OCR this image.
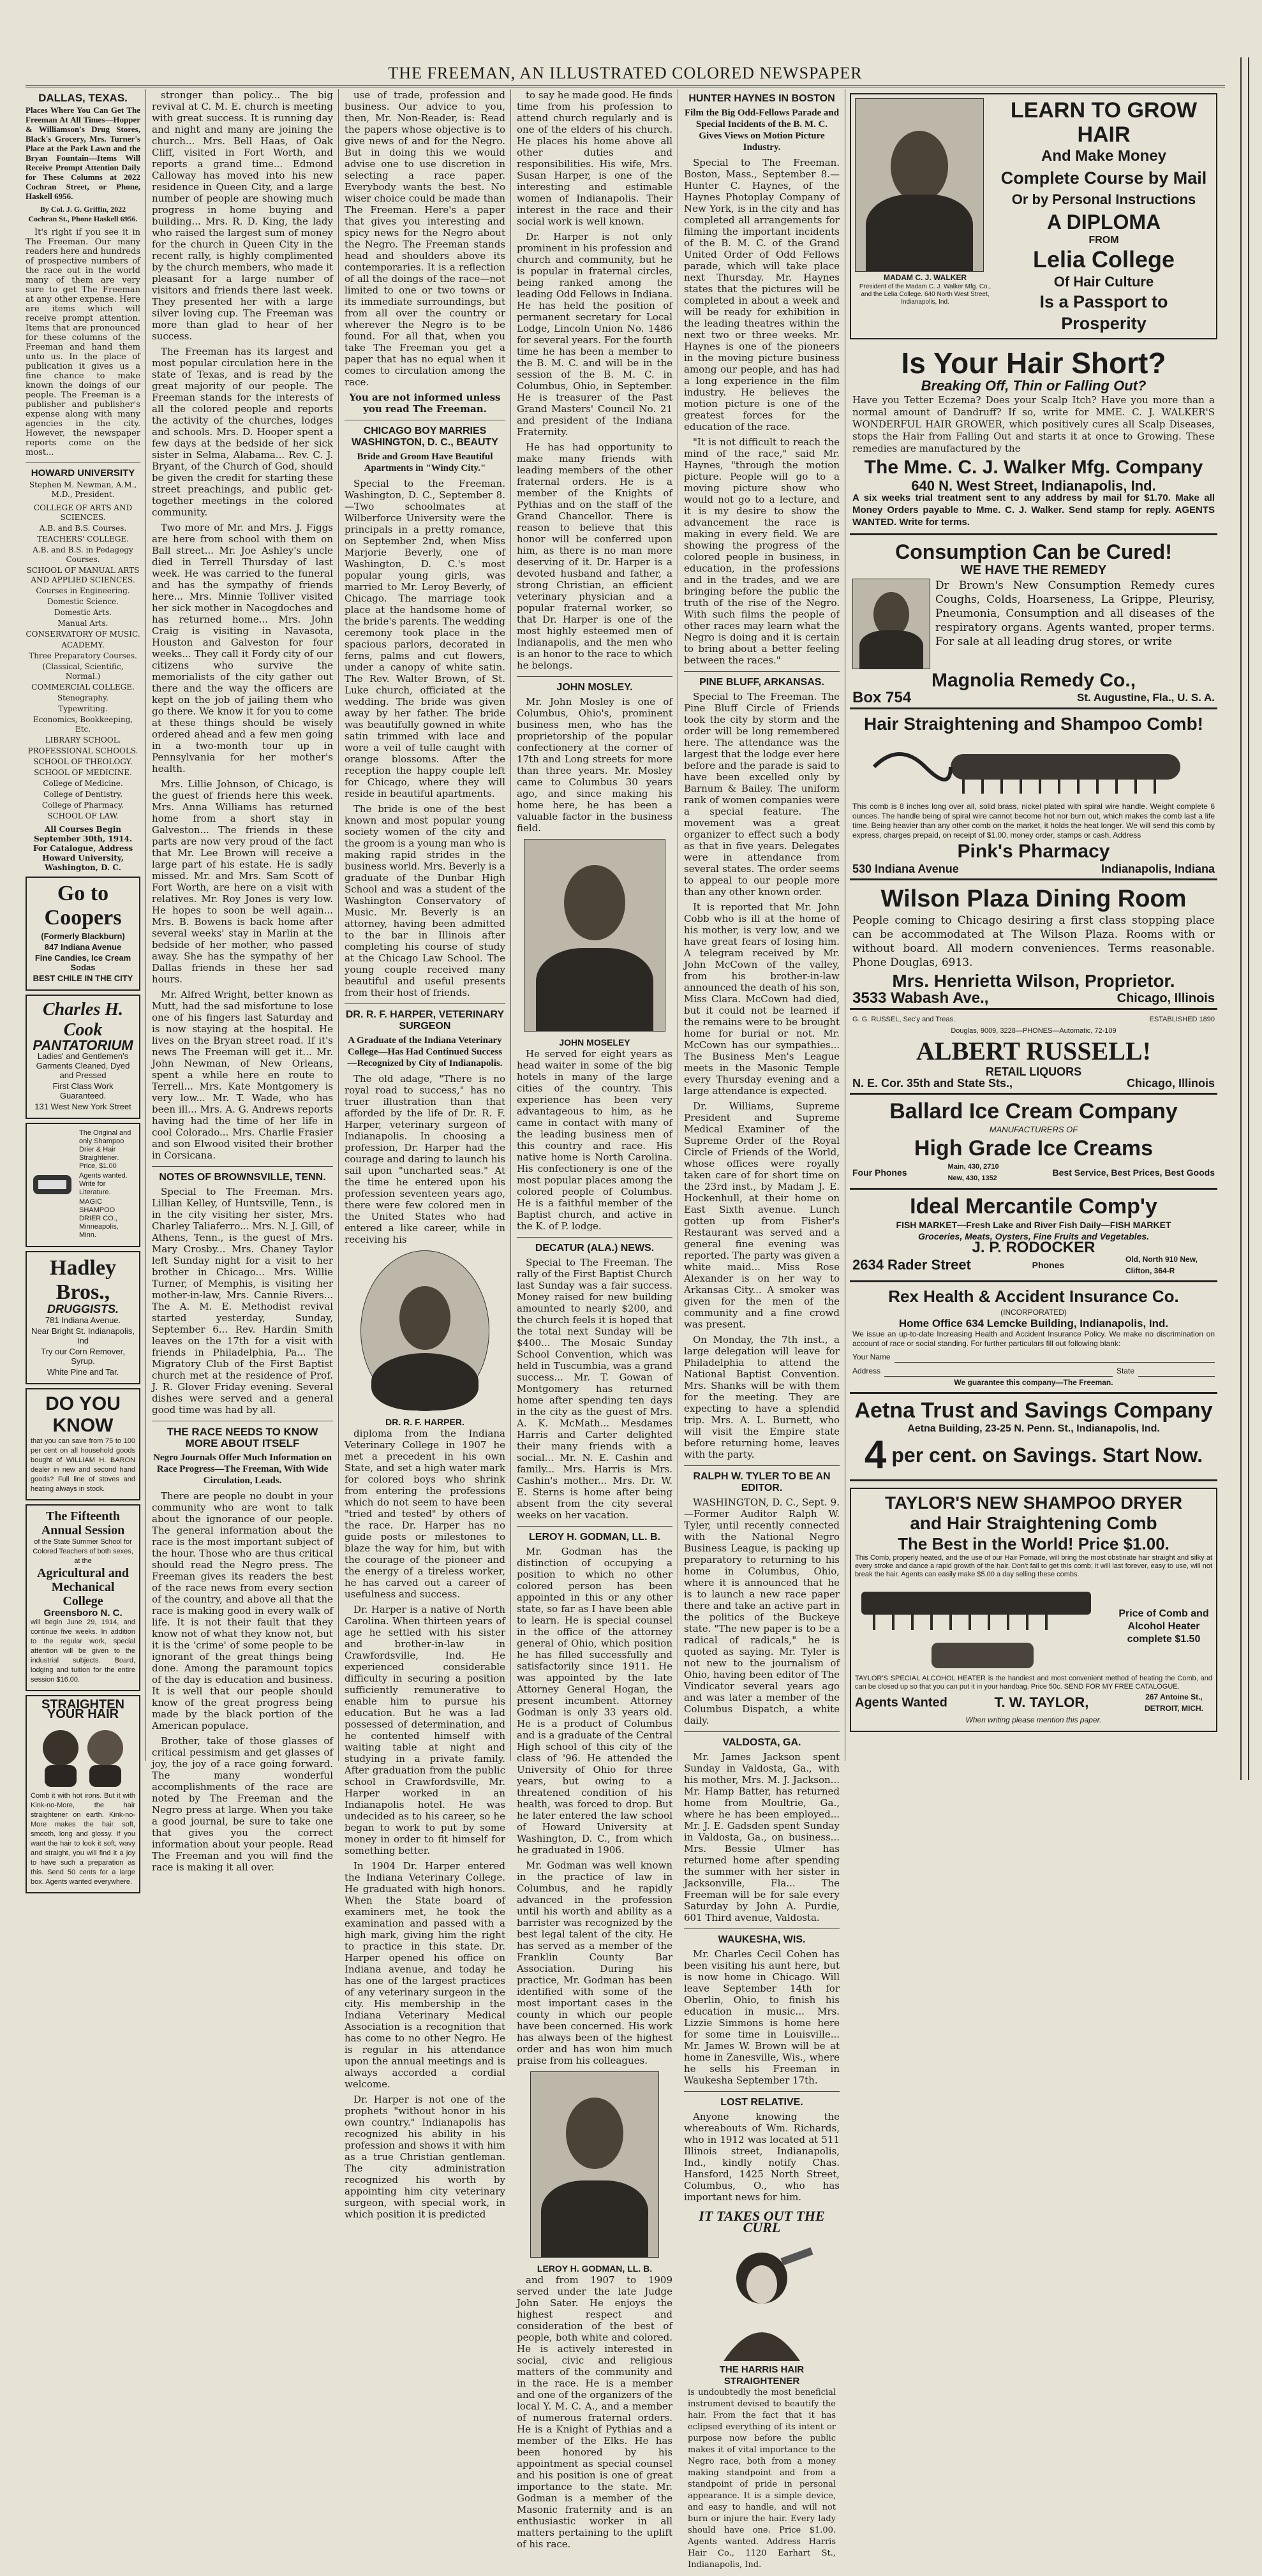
THE FREEMAN, AN ILLUSTRATED COLORED NEWSPAPER
DALLAS, TEXAS.
Places Where You Can Get The Freeman At All Times—Hopper & Williamson's Drug Stores, Black's Grocery, Mrs. Turner's Place at the Park Lawn and the Bryan Fountain—Items Will Receive Prompt Attention Daily for These Columns at 2022 Cochran Street, or Phone, Haskell 6956.
By Col. J. G. Griffin, 2022 Cochran St., Phone Haskell 6956.

It's right if you see it in The Freeman. Our many readers here and hundreds of prospective numbers of the race out in the world many of them are very sure to get The Freeman at any other expense. Here are items which will receive prompt attention. Items that are pronounced for these columns of the Freeman and hand them unto us. In the place of publication it gives us a fine chance to make known the doings of our people. The Freeman is a publisher and publisher's expense along with many agencies in the city. However, the newspaper reports come on the most...

HOWARD UNIVERSITY
Stephen M. Newman, A.M., M.D., President.
COLLEGE OF ARTS AND SCIENCES.
A.B. and B.S. Courses.
TEACHERS' COLLEGE.
A.B. and B.S. in Pedagogy Courses.
SCHOOL OF MANUAL ARTS AND APPLIED SCIENCES.
Courses in Engineering.
Domestic Science.
Domestic Arts.
Manual Arts.
CONSERVATORY OF MUSIC.
ACADEMY.
Three Preparatory Courses.
(Classical, Scientific, Normal.)
COMMERCIAL COLLEGE.
Stenography.
Typewriting.
Economics, Bookkeeping, Etc.
LIBRARY SCHOOL.
PROFESSIONAL SCHOOLS.
SCHOOL OF THEOLOGY.
SCHOOL OF MEDICINE.
College of Medicine.
College of Dentistry.
College of Pharmacy.
SCHOOL OF LAW.
All Courses Begin September 30th, 1914. For Catalogue, Address Howard University, Washington, D. C.
Go to Coopers
(Formerly Blackburn)
847 Indiana Avenue
Fine Candies, Ice Cream Sodas
BEST CHILE IN THE CITY
Charles H. Cook
PANTATORIUM
Ladies' and Gentlemen's Garments Cleaned, Dyed and Pressed
First Class Work Guaranteed.
131 West New York Street
The Original and only Shampoo Drier & Hair Straightener. Price, $1.00
Agents wanted. Write for Literature.
MAGIC SHAMPOO DRIER CO., Minneapolis, Minn.
Hadley Bros.,
DRUGGISTS.
781 Indiana Avenue.
Near Bright St. Indianapolis, Ind
Try our Corn Remover, Syrup.
White Pine and Tar.
DO YOU KNOW
that you can save from 75 to 100 per cent on all household goods bought of WILLIAM H. BARON dealer in new and second hand goods? Full line of stoves and heating always in stock.
The Fifteenth Annual Session
of the State Summer School for Colored Teachers of both sexes, at the
Agricultural and Mechanical College
Greensboro N. C.
will begin June 29, 1914, and continue five weeks. In addition to the regular work, special attention will be given to the industrial subjects. Board, lodging and tuition for the entire session $16.00.
STRAIGHTEN YOUR HAIR
Comb it with hot irons. But it with Kink-no-More, the hair straightener on earth. Kink-no-More makes the hair soft, smooth, long and glossy. If you want the hair to look it soft, wavy and straight, you will find it a joy to have such a preparation as this. Send 50 cents for a large box. Agents wanted everywhere.

stronger than policy... The big revival at C. M. E. church is meeting with great success. It is running day and night and many are joining the church... Mrs. Bell Haas, of Oak Cliff, visited in Fort Worth, and reports a grand time... Edmond Calloway has moved into his new residence in Queen City, and a large number of people are showing much progress in home buying and building... Mrs. R. D. King, the lady who raised the largest sum of money for the church in Queen City in the recent rally, is highly complimented by the church members, who made it pleasant for a large number of visitors and friends there last week. They presented her with a large silver loving cup. The Freeman was more than glad to hear of her success.

The Freeman has its largest and most popular circulation here in the state of Texas, and is read by the great majority of our people. The Freeman stands for the interests of all the colored people and reports the activity of the churches, lodges and schools. Mrs. D. Hooper spent a few days at the bedside of her sick sister in Selma, Alabama... Rev. C. J. Bryant, of the Church of God, should be given the credit for starting these street preachings, and public get-together meetings in the colored community.

Two more of Mr. and Mrs. J. Figgs are here from school with them on Ball street... Mr. Joe Ashley's uncle died in Terrell Thursday of last week. He was carried to the funeral and has the sympathy of friends here... Mrs. Minnie Tolliver visited her sick mother in Nacogdoches and has returned home... Mrs. John Craig is visiting in Navasota, Houston and Galveston for four weeks... They call it Fordy city of our citizens who survive the memorialists of the city gather out there and the way the officers are kept on the job of jailing them who go there. We know it for you to come at these things should be wisely ordered ahead and a few men going in a two-month tour up in Pennsylvania for her mother's health.

Mrs. Lillie Johnson, of Chicago, is the guest of friends here this week. Mrs. Anna Williams has returned home from a short stay in Galveston... The friends in these parts are now very proud of the fact that Mr. Lee Brown will receive a large part of his estate. He is sadly missed. Mr. and Mrs. Sam Scott of Fort Worth, are here on a visit with relatives. Mr. Roy Jones is very low. He hopes to soon be well again... Mrs. B. Bowens is back home after several weeks' stay in Marlin at the bedside of her mother, who passed away. She has the sympathy of her Dallas friends in these her sad hours.

Mr. Alfred Wright, better known as Mutt, had the sad misfortune to lose one of his fingers last Saturday and is now staying at the hospital. He lives on the Bryan street road. If it's news The Freeman will get it... Mr. John Newman, of New Orleans, spent a while here en route to Terrell... Mrs. Kate Montgomery is very low... Mr. T. Wade, who has been ill... Mrs. A. G. Andrews reports having had the time of her life in cool Colorado... Mrs. Charlie Frasier and son Elwood visited their brother in Corsicana.

NOTES OF BROWNSVILLE, TENN.

Special to The Freeman. Mrs. Lillian Kelley, of Huntsville, Tenn., is in the city visiting her sister, Mrs. Charley Taliaferro... Mrs. N. J. Gill, of Athens, Tenn., is the guest of Mrs. Mary Crosby... Mrs. Chaney Taylor left Sunday night for a visit to her brother in Chicago... Mrs. Willie Turner, of Memphis, is visiting her mother-in-law, Mrs. Cannie Rivers... The A. M. E. Methodist revival started yesterday, Sunday, September 6... Rev. Hardin Smith leaves on the 17th for a visit with friends in Philadelphia, Pa... The Migratory Club of the First Baptist church met at the residence of Prof. J. R. Glover Friday evening. Several dishes were served and a general good time was had by all.

THE RACE NEEDS TO KNOW MORE ABOUT ITSELF
Negro Journals Offer Much Information on Race Progress—The Freeman, With Wide Circulation, Leads.

There are people no doubt in your community who are wont to talk about the ignorance of our people. The general information about the race is the most important subject of the hour. Those who are thus critical should read the Negro press. The Freeman gives its readers the best of the race news from every section of the country, and above all that the race is making good in every walk of life. It is not their fault that they know not of what they know not, but it is the 'crime' of some people to be ignorant of the great things being done. Among the paramount topics of the day is education and business. It is well that our people should know of the great progress being made by the black portion of the American populace.

Brother, take of those glasses of critical pessimism and get glasses of joy, the joy of a race going forward. The many wonderful accomplishments of the race are noted by The Freeman and the Negro press at large. When you take a good journal, be sure to take one that gives you the correct information about your people. Read The Freeman and you will find the race is making it all over.

use of trade, profession and business. Our advice to you, then, Mr. Non-Reader, is: Read the papers whose objective is to give news of and for the Negro. But in doing this we would advise one to use discretion in selecting a race paper. Everybody wants the best. No wiser choice could be made than The Freeman. Here's a paper that gives you interesting and spicy news for the Negro about the Negro. The Freeman stands head and shoulders above its contemporaries. It is a reflection of all the doings of the race—not limited to one or two towns or its immediate surroundings, but from all over the country or wherever the Negro is to be found. For all that, when you take The Freeman you get a paper that has no equal when it comes to circulation among the race.

You are not informed unless you read The Freeman.

CHICAGO BOY MARRIES WASHINGTON, D. C., BEAUTY
Bride and Groom Have Beautiful Apartments in "Windy City."

Special to the Freeman. Washington, D. C., September 8.—Two schoolmates at Wilberforce University were the principals in a pretty romance, on September 2nd, when Miss Marjorie Beverly, one of Washington, D. C.'s most popular young girls, was married to Mr. Leroy Beverly, of Chicago. The marriage took place at the handsome home of the bride's parents. The wedding ceremony took place in the spacious parlors, decorated in ferns, palms and cut flowers, under a canopy of white satin. The Rev. Walter Brown, of St. Luke church, officiated at the wedding. The bride was given away by her father. The bride was beautifully gowned in white satin trimmed with lace and wore a veil of tulle caught with orange blossoms. After the reception the happy couple left for Chicago, where they will reside in beautiful apartments.

The bride is one of the best known and most popular young society women of the city and the groom is a young man who is making rapid strides in the business world. Mrs. Beverly is a graduate of the Dunbar High School and was a student of the Washington Conservatory of Music. Mr. Beverly is an attorney, having been admitted to the bar in Illinois after completing his course of study at the Chicago Law School. The young couple received many beautiful and useful presents from their host of friends.

DR. R. F. HARPER, VETERINARY SURGEON
A Graduate of the Indiana Veterinary College—Has Had Continued Success—Recognized by City of Indianapolis.

The old adage, "There is no royal road to success," has no truer illustration than that afforded by the life of Dr. R. F. Harper, veterinary surgeon of Indianapolis. In choosing a profession, Dr. Harper had the courage and daring to launch his sail upon "uncharted seas." At the time he entered upon his profession seventeen years ago, there were few colored men in the United States who had entered a like career, while in receiving his

DR. R. F. HARPER.

diploma from the Indiana Veterinary College in 1907 he met a precedent in his own State, and set a high water mark for colored boys who shrink from entering the professions which do not seem to have been "tried and tested" by others of the race. Dr. Harper has no guide posts or milestones to blaze the way for him, but with the courage of the pioneer and the energy of a tireless worker, he has carved out a career of usefulness and success.

Dr. Harper is a native of North Carolina. When thirteen years of age he settled with his sister and brother-in-law in Crawfordsville, Ind. He experienced considerable difficulty in securing a position sufficiently remunerative to enable him to pursue his education. But he was a lad possessed of determination, and he contented himself with waiting table at night and studying in a private family. After graduation from the public school in Crawfordsville, Mr. Harper worked in an Indianapolis hotel. He was undecided as to his career, so he began to work to put by some money in order to fit himself for something better.

In 1904 Dr. Harper entered the Indiana Veterinary College. He graduated with high honors. When the State board of examiners met, he took the examination and passed with a high mark, giving him the right to practice in this state. Dr. Harper opened his office on Indiana avenue, and today he has one of the largest practices of any veterinary surgeon in the city. His membership in the Indiana Veterinary Medical Association is a recognition that has come to no other Negro. He is regular in his attendance upon the annual meetings and is always accorded a cordial welcome.

Dr. Harper is not one of the prophets "without honor in his own country." Indianapolis has recognized his ability in his profession and shows it with him as a true Christian gentleman. The city administration recognized his worth by appointing him city veterinary surgeon, with special work, in which position it is predicted

to say he made good. He finds time from his profession to attend church regularly and is one of the elders of his church. He places his home above all other duties and responsibilities. His wife, Mrs. Susan Harper, is one of the interesting and estimable women of Indianapolis. Their interest in the race and their social work is well known.

Dr. Harper is not only prominent in his profession and church and community, but he is popular in fraternal circles, being ranked among the leading Odd Fellows in Indiana. He has held the position of permanent secretary for Local Lodge, Lincoln Union No. 1486 for several years. For the fourth time he has been a member to the B. M. C. and will be in the session of the B. M. C. in Columbus, Ohio, in September. He is treasurer of the Past Grand Masters' Council No. 21 and president of the Indiana Fraternity.

He has had opportunity to make many friends with leading members of the other fraternal orders. He is a member of the Knights of Pythias and on the staff of the Grand Chancellor. There is reason to believe that this honor will be conferred upon him, as there is no man more deserving of it. Dr. Harper is a devoted husband and father, a strong Christian, an efficient veterinary physician and a popular fraternal worker, so that Dr. Harper is one of the most highly esteemed men of Indianapolis, and the men who is an honor to the race to which he belongs.

JOHN MOSLEY.

Mr. John Mosley is one of Columbus, Ohio's, prominent business men, who has the proprietorship of the popular confectionery at the corner of 17th and Long streets for more than three years. Mr. Mosley came to Columbus 30 years ago, and since making his home here, he has been a valuable factor in the business field.

JOHN MOSELEY

He served for eight years as head waiter in some of the big hotels in many of the large cities of the country. This experience has been very advantageous to him, as he came in contact with many of the leading business men of this country and race. His native home is North Carolina. His confectionery is one of the most popular places among the colored people of Columbus. He is a faithful member of the Baptist church, and active in the K. of P. lodge.

DECATUR (ALA.) NEWS.

Special to The Freeman. The rally of the First Baptist Church last Sunday was a fair success. Money raised for new building amounted to nearly $200, and the church feels it is hoped that the total next Sunday will be $400... The Mosaic Sunday School Convention, which was held in Tuscumbia, was a grand success... Mr. T. Gowan of Montgomery has returned home after spending ten days in the city as the guest of Mrs. A. K. McMath... Mesdames Harris and Carter delighted their many friends with a social... Mr. N. E. Cashin and family... Mrs. Harris is Mrs. Cashin's mother... Mrs. Dr. W. E. Sterns is home after being absent from the city several weeks on her vacation.

LEROY H. GODMAN, LL. B.

Mr. Godman has the distinction of occupying a position to which no other colored person has been appointed in this or any other state, so far as I have been able to learn. He is special counsel in the office of the attorney general of Ohio, which position he has filled successfully and satisfactorily since 1911. He was appointed by the late Attorney General Hogan, the present incumbent. Attorney Godman is only 33 years old. He is a product of Columbus and is a graduate of the Central High school of this city of the class of '96. He attended the University of Ohio for three years, but owing to a threatened condition of his health, was forced to drop. But he later entered the law school of Howard University at Washington, D. C., from which he graduated in 1906.

Mr. Godman was well known in the practice of law in Columbus, and he rapidly advanced in the profession until his worth and ability as a barrister was recognized by the best legal talent of the city. He has served as a member of the Franklin County Bar Association. During his practice, Mr. Godman has been identified with some of the most important cases in the county in which our people have been concerned. His work has always been of the highest order and has won him much praise from his colleagues.

LEROY H. GODMAN, LL. B.

and from 1907 to 1909 served under the late Judge John Sater. He enjoys the highest respect and consideration of the best of people, both white and colored. He is actively interested in social, civic and religious matters of the community and in the race. He is a member and one of the organizers of the local Y. M. C. A., and a member of numerous fraternal orders. He is a Knight of Pythias and a member of the Elks. He has been honored by his appointment as special counsel and his position is one of great importance to the state. Mr. Godman is a member of the Masonic fraternity and is an enthusiastic worker in all matters pertaining to the uplift of his race.

HUNTER HAYNES IN BOSTON
Film the Big Odd-Fellows Parade and Special Incidents of the B. M. C. Gives Views on Motion Picture Industry.

Special to The Freeman. Boston, Mass., September 8.—Hunter C. Haynes, of the Haynes Photoplay Company of New York, is in the city and has completed all arrangements for filming the important incidents of the B. M. C. of the Grand United Order of Odd Fellows parade, which will take place next Thursday. Mr. Haynes states that the pictures will be completed in about a week and will be ready for exhibition in the leading theatres within the next two or three weeks. Mr. Haynes is one of the pioneers in the moving picture business among our people, and has had a long experience in the film industry. He believes the motion picture is one of the greatest forces for the education of the race.

"It is not difficult to reach the mind of the race," said Mr. Haynes, "through the motion picture. People will go to a moving picture show who would not go to a lecture, and it is my desire to show the advancement the race is making in every field. We are showing the progress of the colored people in business, in education, in the professions and in the trades, and we are bringing before the public the truth of the rise of the Negro. With such films the people of other races may learn what the Negro is doing and it is certain to bring about a better feeling between the races."

PINE BLUFF, ARKANSAS.

Special to The Freeman. The Pine Bluff Circle of Friends took the city by storm and the order will be long remembered here. The attendance was the largest that the lodge ever here before and the parade is said to have been excelled only by Barnum & Bailey. The uniform rank of women companies were a special feature. The movement was a great organizer to effect such a body as that in five years. Delegates were in attendance from several states. The order seems to appeal to our people more than any other known order.

It is reported that Mr. John Cobb who is ill at the home of his mother, is very low, and we have great fears of losing him. A telegram received by Mr. John McCown of the valley, from his brother-in-law announced the death of his son, Miss Clara. McCown had died, but it could not be learned if the remains were to be brought home for burial or not. Mr. McCown has our sympathies... The Business Men's League meets in the Masonic Temple every Thursday evening and a large attendance is expected.

Dr. Williams, Supreme President and Supreme Medical Examiner of the Supreme Order of the Royal Circle of Friends of the World, whose offices were royally taken care of for short time on the 23rd inst., by Madam J. E. Hockenhull, at their home on East Sixth avenue. Lunch gotten up from Fisher's Restaurant was served and a general fine evening was reported. The party was given a white maid... Miss Rose Alexander is on her way to Arkansas City... A smoker was given for the men of the community and a fine crowd was present.

On Monday, the 7th inst., a large delegation will leave for Philadelphia to attend the National Baptist Convention. Mrs. Shanks will be with them for the meeting. They are expecting to have a splendid trip. Mrs. A. L. Burnett, who will visit the Empire state before returning home, leaves with the party.

RALPH W. TYLER TO BE AN EDITOR.

WASHINGTON, D. C., Sept. 9.—Former Auditor Ralph W. Tyler, until recently connected with the National Negro Business League, is packing up preparatory to returning to his home in Columbus, Ohio, where it is announced that he is to launch a new race paper there and take an active part in the politics of the Buckeye state. "The new paper is to be a radical of radicals," he is quoted as saying. Mr. Tyler is not new to the journalism of Ohio, having been editor of The Vindicator several years ago and was later a member of the Columbus Dispatch, a white daily.

VALDOSTA, GA.

Mr. James Jackson spent Sunday in Valdosta, Ga., with his mother, Mrs. M. J. Jackson... Mr. Hamp Batter, has returned home from Moultrie, Ga., where he has been employed... Mr. J. E. Gadsden spent Sunday in Valdosta, Ga., on business... Mrs. Bessie Ulmer has returned home after spending the summer with her sister in Jacksonville, Fla... The Freeman will be for sale every Saturday by John A. Purdie, 601 Third avenue, Valdosta.

WAUKESHA, WIS.

Mr. Charles Cecil Cohen has been visiting his aunt here, but is now home in Chicago. Will leave September 14th for Oberlin, Ohio, to finish his education in music... Mrs. Lizzie Simmons is home here for some time in Louisville... Mr. James W. Brown will be at home in Zanesville, Wis., where he sells his Freeman in Waukesha September 17th.

LOST RELATIVE.

Anyone knowing the whereabouts of Wm. Richards, who in 1912 was located at 511 Illinois street, Indianapolis, Ind., kindly notify Chas. Hansford, 1425 North Street, Columbus, O., who has important news for him.

IT TAKES OUT THE CURL
THE HARRIS HAIR STRAIGHTENER
is undoubtedly the most beneficial instrument devised to beautify the hair. From the fact that it has eclipsed everything of its intent or purpose now before the public makes it of vital importance to the Negro race, both from a money making standpoint and from a standpoint of pride in personal appearance. It is a simple device, and easy to handle, and will not burn or injure the hair. Every lady should have one. Price $1.00. Agents wanted. Address Harris Hair Co., 1120 Earhart St., Indianapolis, Ind.
MADAM C. J. WALKER
President of the Madam C. J. Walker Mfg. Co., and the Lelia College. 640 North West Street, Indianapolis, Ind.
LEARN TO GROW HAIR
And Make Money
Complete Course by Mail
Or by Personal Instructions
A DIPLOMA
FROM
Lelia College
Of Hair Culture
Is a Passport to Prosperity
Is Your Hair Short?
Breaking Off, Thin or Falling Out?
Have you Tetter Eczema? Does your Scalp Itch? Have you more than a normal amount of Dandruff? If so, write for MME. C. J. WALKER'S WONDERFUL HAIR GROWER, which positively cures all Scalp Diseases, stops the Hair from Falling Out and starts it at once to Growing. These remedies are manufactured by the
The Mme. C. J. Walker Mfg. Company
640 N. West Street, Indianapolis, Ind.
A six weeks trial treatment sent to any address by mail for $1.70. Make all Money Orders payable to Mme. C. J. Walker. Send stamp for reply. AGENTS WANTED. Write for terms.
Consumption Can be Cured!
WE HAVE THE REMEDY
Dr Brown's New Consumption Remedy cures Coughs, Colds, Hoarseness, La Grippe, Pleurisy, Pneumonia, Consumption and all diseases of the respiratory organs. Agents wanted, proper terms. For sale at all leading drug stores, or write
Magnolia Remedy Co.,
Box 754	St. Augustine, Fla., U. S. A.
Hair Straightening and Shampoo Comb!
This comb is 8 inches long over all, solid brass, nickel plated with spiral wire handle. Weight complete 6 ounces. The handle being of spiral wire cannot become hot nor burn out, which makes the comb last a life time. Being heavier than any other comb on the market, it holds the heat longer. We will send this comb by express, charges prepaid, on receipt of $1.00, money order, stamps or cash. Address
Pink's Pharmacy
530 Indiana Avenue	Indianapolis, Indiana
Wilson Plaza Dining Room
People coming to Chicago desiring a first class stopping place can be accommodated at The Wilson Plaza. Rooms with or without board. All modern conveniences. Terms reasonable. Phone Douglas, 6913.
Mrs. Henrietta Wilson, Proprietor.
3533 Wabash Ave.,	Chicago, Illinois
G. G. RUSSEL, Sec'y and Treas.	ESTABLISHED 1890
Douglas, 9009, 3228—PHONES—Automatic, 72-109
ALBERT RUSSELL!
RETAIL LIQUORS
N. E. Cor. 35th and State Sts.,	Chicago, Illinois
Ballard Ice Cream Company
MANUFACTURERS OF
High Grade Ice Creams
Four Phones
Main, 430, 2710 New, 430, 1352
Best Service, Best Prices, Best Goods
Ideal Mercantile Comp'y
FISH MARKET—Fresh Lake and River Fish Daily—FISH MARKET
Groceries, Meats, Oysters, Fine Fruits and Vegetables.
J. P. RODOCKER
2634 Rader Street	Phones
Old, North 910 New, Clifton, 364-R
Rex Health & Accident Insurance Co.
(INCORPORATED)
Home Office 634 Lemcke Building, Indianapolis, Ind.
We issue an up-to-date Increasing Health and Accident Insurance Policy. We make no discrimination on account of race or social standing. For further particulars fill out following blank:
Your Name
Address	State
We guarantee this company—The Freeman.
Aetna Trust and Savings Company
Aetna Building, 23-25 N. Penn. St., Indianapolis, Ind.
4 per cent. on Savings. Start Now.
TAYLOR'S NEW SHAMPOO DRYER
and Hair Straightening Comb
The Best in the World! Price $1.00.
This Comb, properly heated, and the use of our Hair Pomade, will bring the most obstinate hair straight and silky at every stroke and dance a rapid growth of the hair. Don't fail to get this comb; it will last forever, easy to use, will not break the hair. Agents can easily make $5.00 a day selling these combs.
Price of Comb and Alcohol Heater complete $1.50
TAYLOR'S SPECIAL ALCOHOL HEATER is the handiest and most convenient method of heating the Comb, and can be closed up so that you can put it in your handbag. Price 50c. SEND FOR MY FREE CATALOGUE.
Agents Wanted	T. W. TAYLOR,	267 Antoine St., DETROIT, MICH.
When writing please mention this paper.
